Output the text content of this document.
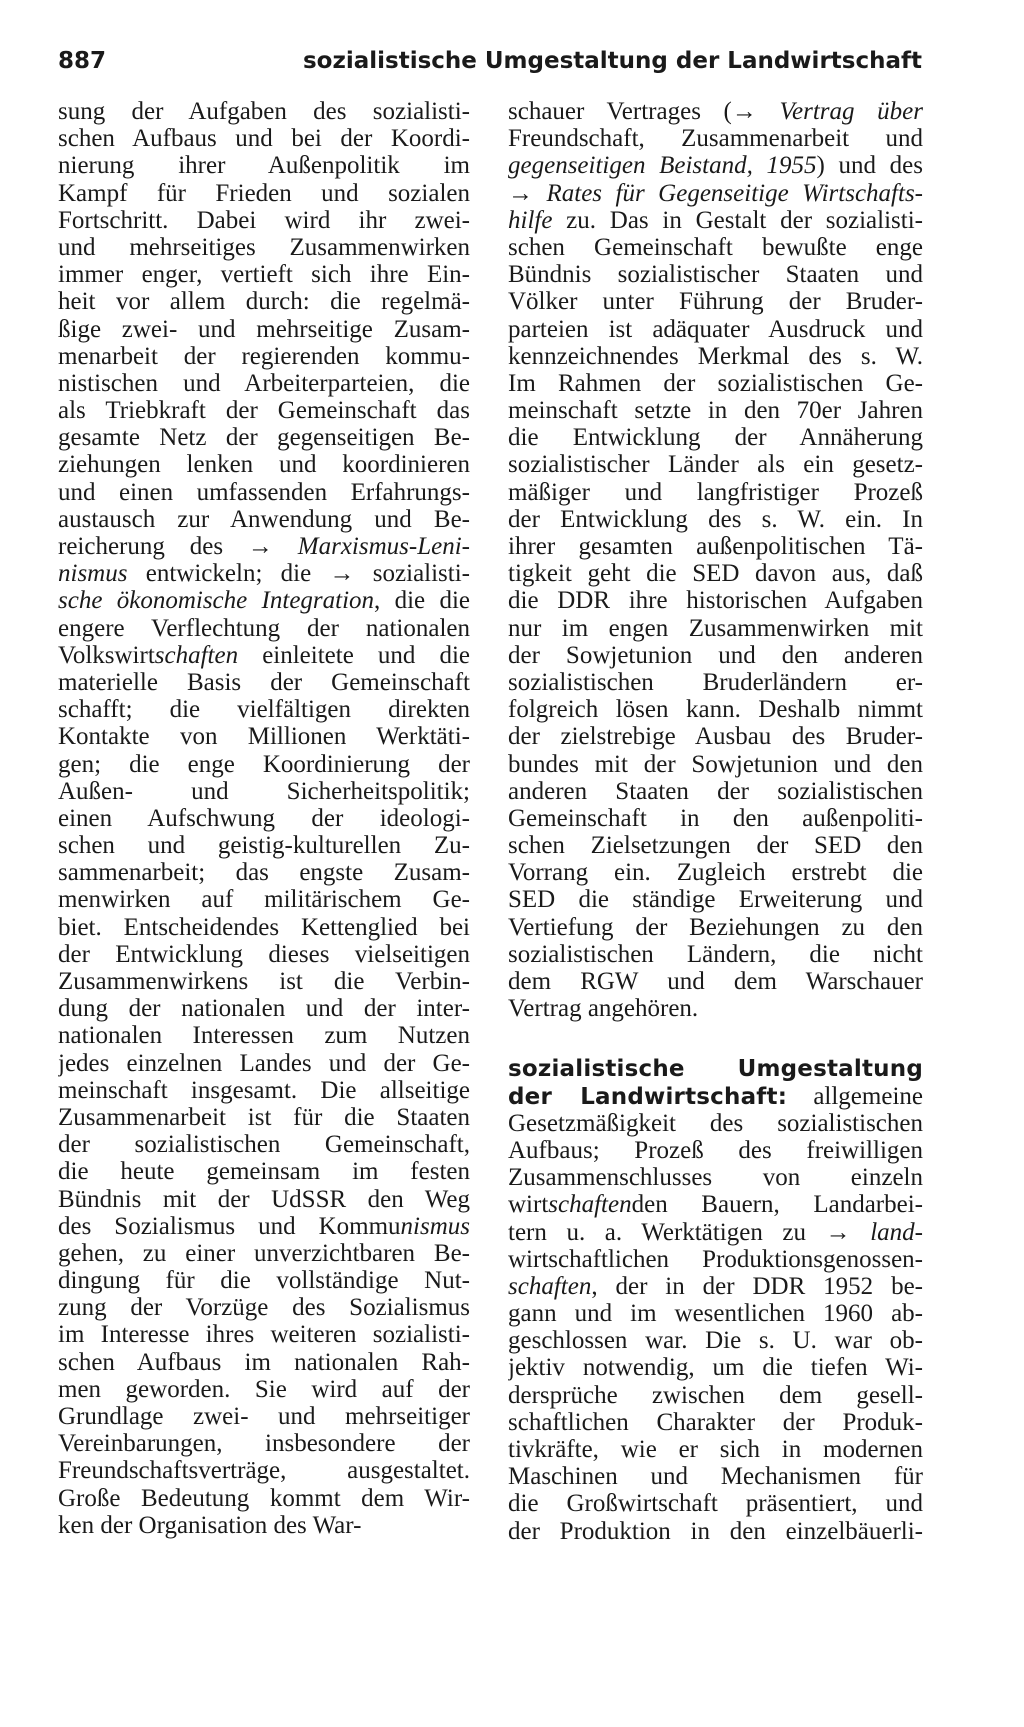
887	sozialistische Umgestaltung der Landwirtschaft
sung der Aufgaben des sozialisti-
schen Aufbaus und bei der Koordi-
nierung ihrer Außenpolitik im
Kampf für Frieden und sozialen
Fortschritt. Dabei wird ihr zwei-
und mehrseitiges Zusammenwirken
immer enger, vertieft sich ihre Ein-
heit vor allem durch: die regelmä-
ßige zwei- und mehrseitige Zusam-
menarbeit der regierenden kommu-
nistischen und Arbeiterparteien, die
als Triebkraft der Gemeinschaft das
gesamte Netz der gegenseitigen Be-
ziehungen lenken und koordinieren
und einen umfassenden Erfahrungs-
austausch zur Anwendung und Be-
reicherung des → Marxismus-Leni-
nismus entwickeln; die → sozialisti-
sche ökonomische Integration, die die
engere Verflechtung der nationalen
Volkswirtschaften einleitete und die
materielle Basis der Gemeinschaft
schafft; die vielfältigen direkten
Kontakte von Millionen Werktäti-
gen; die enge Koordinierung der
Außen- und Sicherheitspolitik;
einen Aufschwung der ideologi-
schen und geistig-kulturellen Zu-
sammenarbeit; das engste Zusam-
menwirken auf militärischem Ge-
biet. Entscheidendes Kettenglied bei
der Entwicklung dieses vielseitigen
Zusammenwirkens ist die Verbin-
dung der nationalen und der inter-
nationalen Interessen zum Nutzen
jedes einzelnen Landes und der Ge-
meinschaft insgesamt. Die allseitige
Zusammenarbeit ist für die Staaten
der sozialistischen Gemeinschaft,
die heute gemeinsam im festen
Bündnis mit der UdSSR den Weg
des Sozialismus und Kommunismus
gehen, zu einer unverzichtbaren Be-
dingung für die vollständige Nut-
zung der Vorzüge des Sozialismus
im Interesse ihres weiteren sozialisti-
schen Aufbaus im nationalen Rah-
men geworden. Sie wird auf der
Grundlage zwei- und mehrseitiger
Vereinbarungen, insbesondere der
Freundschaftsverträge, ausgestaltet.
Große Bedeutung kommt dem Wir-
ken der Organisation des War-
schauer Vertrages (→ Vertrag über
Freundschaft, Zusammenarbeit und
gegenseitigen Beistand, 1955) und des
→ Rates für Gegenseitige Wirtschafts-
hilfe zu. Das in Gestalt der sozialisti-
schen Gemeinschaft bewußte enge
Bündnis sozialistischer Staaten und
Völker unter Führung der Bruder-
parteien ist adäquater Ausdruck und
kennzeichnendes Merkmal des s. W.
Im Rahmen der sozialistischen Ge-
meinschaft setzte in den 70er Jahren
die Entwicklung der Annäherung
sozialistischer Länder als ein gesetz-
mäßiger und langfristiger Prozeß
der Entwicklung des s. W. ein. In
ihrer gesamten außenpolitischen Tä-
tigkeit geht die SED davon aus, daß
die DDR ihre historischen Aufgaben
nur im engen Zusammenwirken mit
der Sowjetunion und den anderen
sozialistischen Bruderländern er-
folgreich lösen kann. Deshalb nimmt
der zielstrebige Ausbau des Bruder-
bundes mit der Sowjetunion und den
anderen Staaten der sozialistischen
Gemeinschaft in den außenpoliti-
schen Zielsetzungen der SED den
Vorrang ein. Zugleich erstrebt die
SED die ständige Erweiterung und
Vertiefung der Beziehungen zu den
sozialistischen Ländern, die nicht
dem RGW und dem Warschauer
Vertrag angehören.
sozialistische Umgestaltung
der Landwirtschaft: allgemeine
Gesetzmäßigkeit des sozialistischen
Aufbaus; Prozeß des freiwilligen
Zusammenschlusses von einzeln
wirtschaftenden Bauern, Landarbei-
tern u. a. Werktätigen zu → land-
wirtschaftlichen Produktionsgenossen-
schaften, der in der DDR 1952 be-
gann und im wesentlichen 1960 ab-
geschlossen war. Die s. U. war ob-
jektiv notwendig, um die tiefen Wi-
dersprüche zwischen dem gesell-
schaftlichen Charakter der Produk-
tivkräfte, wie er sich in modernen
Maschinen und Mechanismen für
die Großwirtschaft präsentiert, und
der Produktion in den einzelbäuerli-
